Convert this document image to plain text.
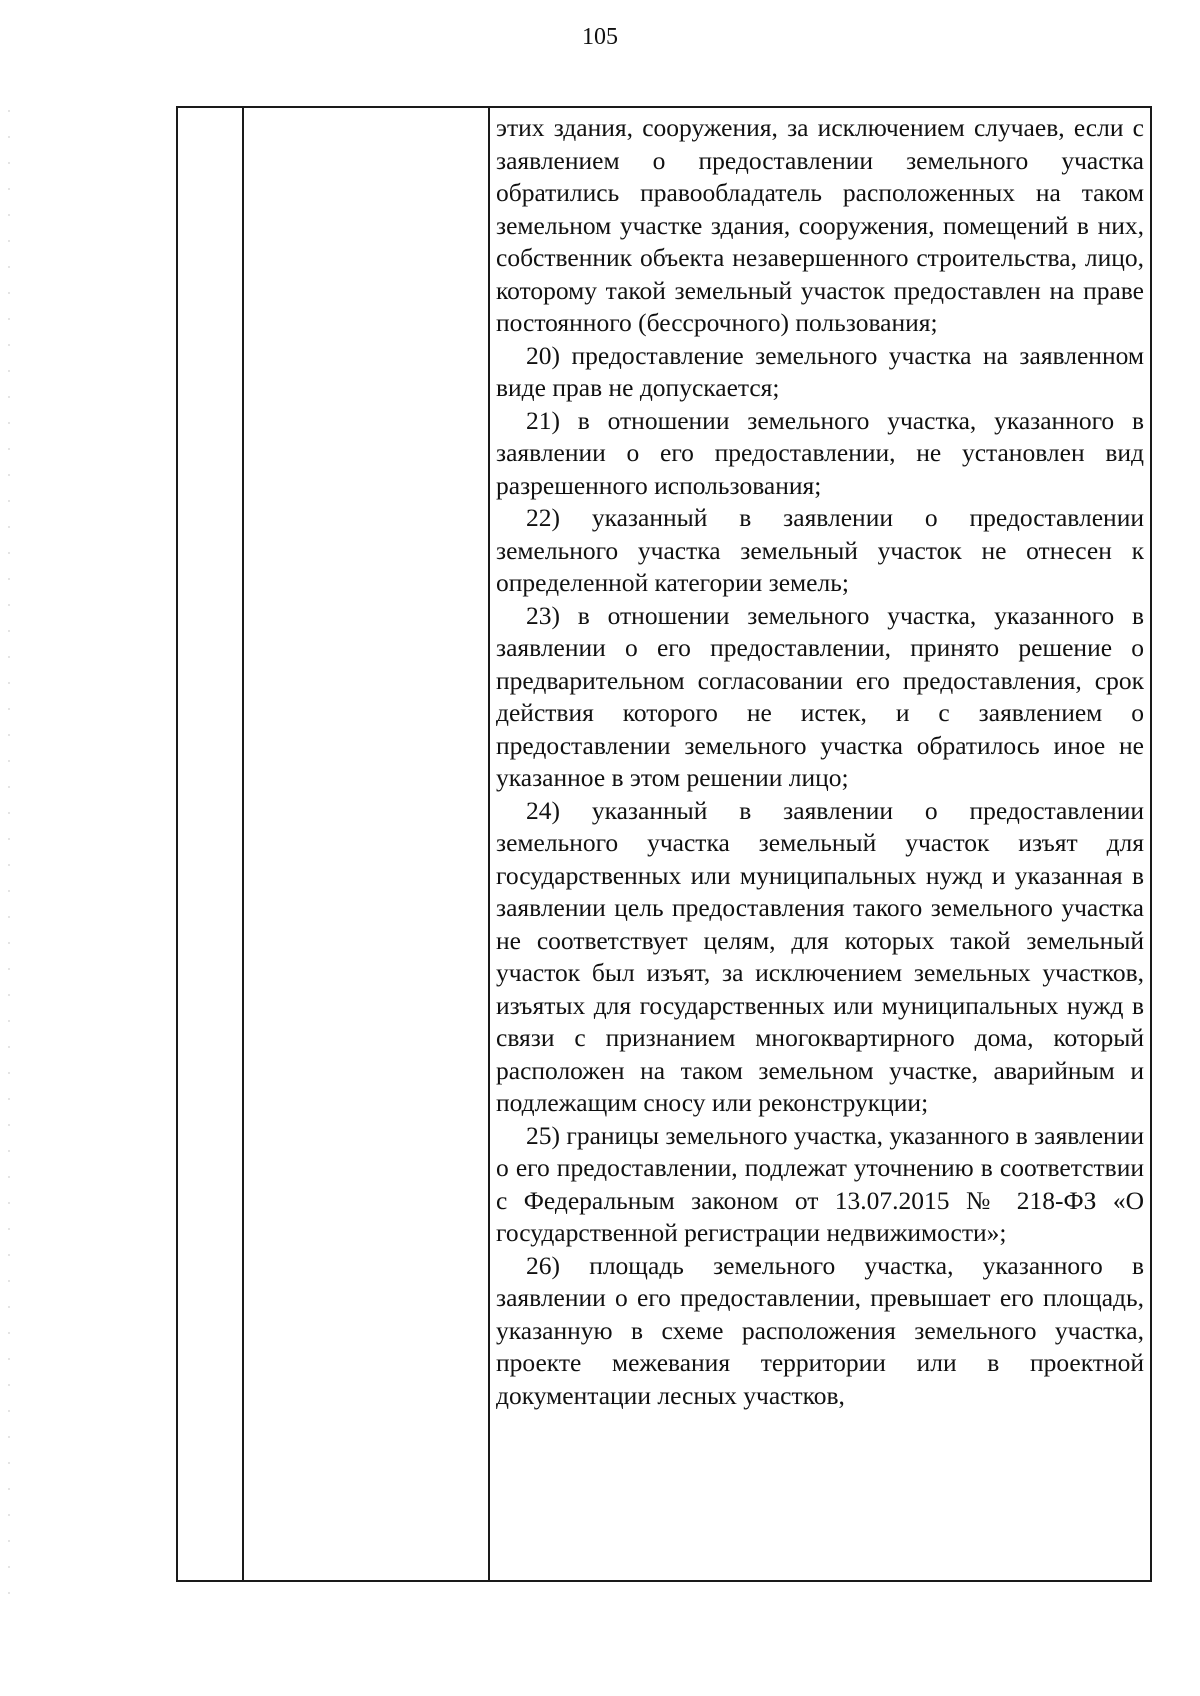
105

этих здания, сооружения, за исключением случаев, если с заявлением о предоставлении земельного участка обратились правообладатель расположенных на таком земельном участке здания, сооружения, помещений в них, собственник объекта незавершенного строительства, лицо, которому такой земельный участок предоставлен на праве постоянного (бессрочного) пользования;

20) предоставление земельного участка на заявленном виде прав не допускается;

21) в отношении земельного участка, указанного в заявлении о его предоставлении, не установлен вид разрешенного использования;

22) указанный в заявлении о предоставлении земельного участка земельный участок не отнесен к определенной категории земель;

23) в отношении земельного участка, указанного в заявлении о его предоставлении, принято решение о предварительном согласовании его предоставления, срок действия которого не истек, и с заявлением о предоставлении земельного участка обратилось иное не указанное в этом решении лицо;

24) указанный в заявлении о предоставлении земельного участка земельный участок изъят для государственных или муниципальных нужд и указанная в заявлении цель предоставления такого земельного участка не соответствует целям, для которых такой земельный участок был изъят, за исключением земельных участков, изъятых для государственных или муниципальных нужд в связи с признанием многоквартирного дома, который расположен на таком земельном участке, аварийным и подлежащим сносу или реконструкции;

25) границы земельного участка, указанного в заявлении о его предоставлении, подлежат уточнению в соответствии с Федеральным законом от 13.07.2015 № 218-ФЗ «О государственной регистрации недвижимости»;

26) площадь земельного участка, указанного в заявлении о его предоставлении, превышает его площадь, указанную в схеме расположения земельного участка, проекте межевания территории или в проектной документации лесных участков,
